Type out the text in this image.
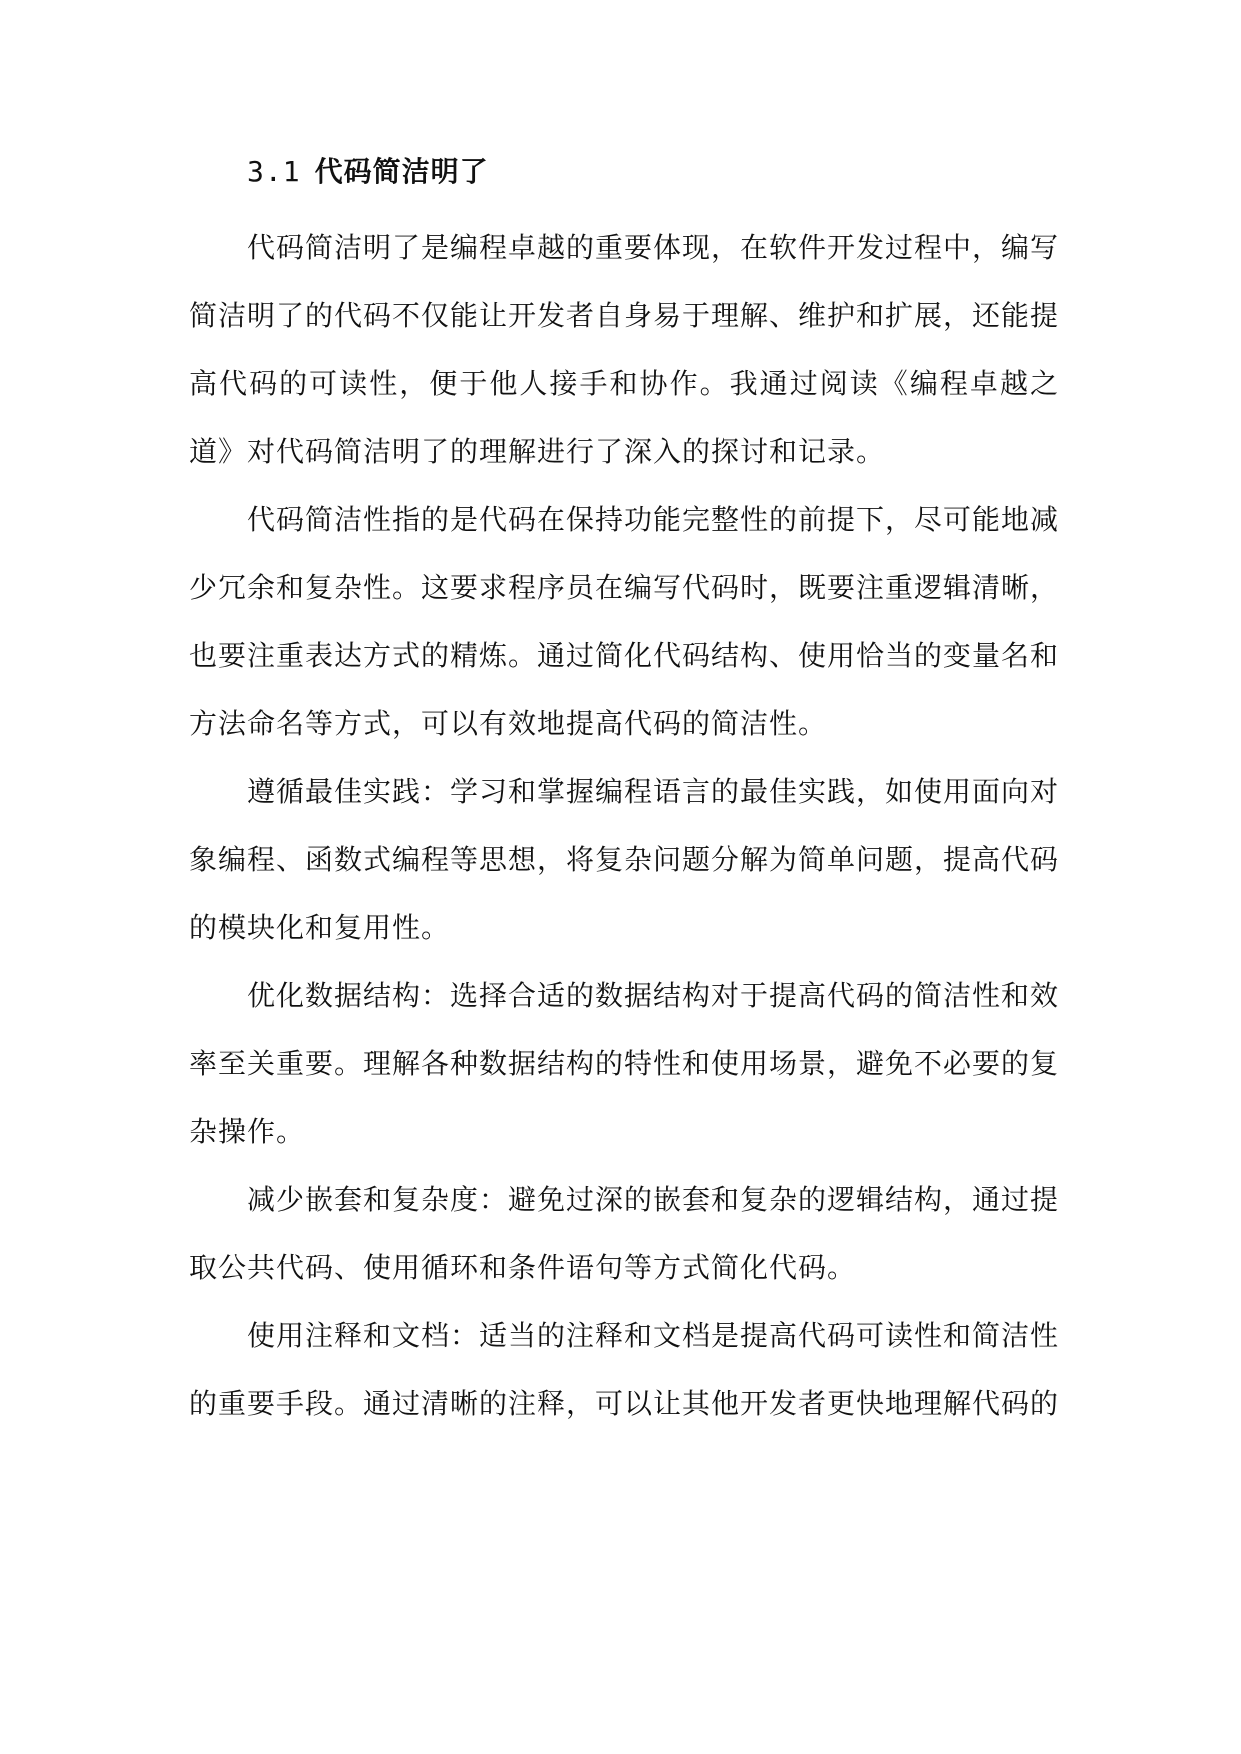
3.1 代码简洁明了

代码简洁明了是编程卓越的重要体现，在软件开发过程中，编写简洁明了的代码不仅能让开发者自身易于理解、维护和扩展，还能提高代码的可读性，便于他人接手和协作。我通过阅读《编程卓越之道》对代码简洁明了的理解进行了深入的探讨和记录。

代码简洁性指的是代码在保持功能完整性的前提下，尽可能地减少冗余和复杂性。这要求程序员在编写代码时，既要注重逻辑清晰，也要注重表达方式的精炼。通过简化代码结构、使用恰当的变量名和方法命名等方式，可以有效地提高代码的简洁性。

遵循最佳实践：学习和掌握编程语言的最佳实践，如使用面向对象编程、函数式编程等思想，将复杂问题分解为简单问题，提高代码的模块化和复用性。

优化数据结构：选择合适的数据结构对于提高代码的简洁性和效率至关重要。理解各种数据结构的特性和使用场景，避免不必要的复杂操作。

减少嵌套和复杂度：避免过深的嵌套和复杂的逻辑结构，通过提取公共代码、使用循环和条件语句等方式简化代码。

使用注释和文档：适当的注释和文档是提高代码可读性和简洁性的重要手段。通过清晰的注释，可以让其他开发者更快地理解代码的
